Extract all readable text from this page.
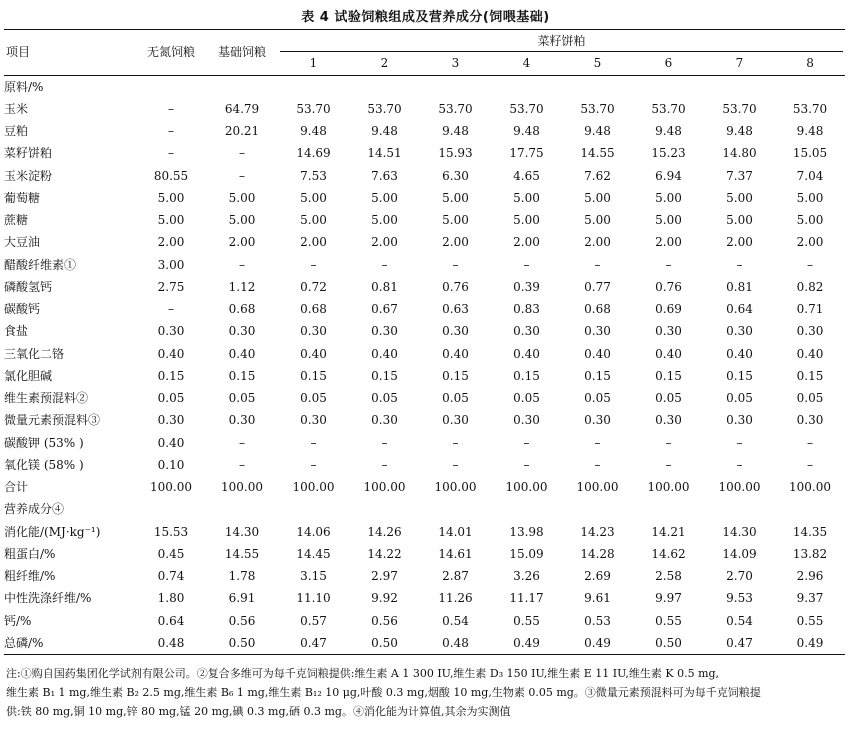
表 4 试验饲粮组成及营养成分(饲喂基础)
项目	无氮饲粮	基础饲粮	菜籽饼粕							

			1	2	3	4	5	6	7	8
原料/%										
玉米	–	64.79	53.70	53.70	53.70	53.70	53.70	53.70	53.70	53.70
豆粕	–	20.21	9.48	9.48	9.48	9.48	9.48	9.48	9.48	9.48
菜籽饼粕	–	–	14.69	14.51	15.93	17.75	14.55	15.23	14.80	15.05
玉米淀粉	80.55	–	7.53	7.63	6.30	4.65	7.62	6.94	7.37	7.04
葡萄糖	5.00	5.00	5.00	5.00	5.00	5.00	5.00	5.00	5.00	5.00
蔗糖	5.00	5.00	5.00	5.00	5.00	5.00	5.00	5.00	5.00	5.00
大豆油	2.00	2.00	2.00	2.00	2.00	2.00	2.00	2.00	2.00	2.00
醋酸纤维素①	3.00	–	–	–	–	–	–	–	–	–
磷酸氢钙	2.75	1.12	0.72	0.81	0.76	0.39	0.77	0.76	0.81	0.82
碳酸钙	–	0.68	0.68	0.67	0.63	0.83	0.68	0.69	0.64	0.71
食盐	0.30	0.30	0.30	0.30	0.30	0.30	0.30	0.30	0.30	0.30
三氧化二铬	0.40	0.40	0.40	0.40	0.40	0.40	0.40	0.40	0.40	0.40
氯化胆碱	0.15	0.15	0.15	0.15	0.15	0.15	0.15	0.15	0.15	0.15
维生素预混料②	0.05	0.05	0.05	0.05	0.05	0.05	0.05	0.05	0.05	0.05
微量元素预混料③	0.30	0.30	0.30	0.30	0.30	0.30	0.30	0.30	0.30	0.30
碳酸钾 (53% )	0.40	–	–	–	–	–	–	–	–	–
氧化镁 (58% )	0.10	–	–	–	–	–	–	–	–	–
合计	100.00	100.00	100.00	100.00	100.00	100.00	100.00	100.00	100.00	100.00
营养成分④										
消化能/(MJ·kg⁻¹)	15.53	14.30	14.06	14.26	14.01	13.98	14.23	14.21	14.30	14.35
粗蛋白/%	0.45	14.55	14.45	14.22	14.61	15.09	14.28	14.62	14.09	13.82
粗纤维/%	0.74	1.78	3.15	2.97	2.87	3.26	2.69	2.58	2.70	2.96
中性洗涤纤维/%	1.80	6.91	11.10	9.92	11.26	11.17	9.61	9.97	9.53	9.37
钙/%	0.64	0.56	0.57	0.56	0.54	0.55	0.53	0.55	0.54	0.55
总磷/%	0.48	0.50	0.47	0.50	0.48	0.49	0.49	0.50	0.47	0.49
注:①购自国药集团化学试剂有限公司。②复合多维可为每千克饲粮提供:维生素 A 1 300 IU,维生素 D₃ 150 IU,维生素 E 11 IU,维生素 K 0.5 mg,
维生素 B₁ 1 mg,维生素 B₂ 2.5 mg,维生素 B₆ 1 mg,维生素 B₁₂ 10 μg,叶酸 0.3 mg,烟酸 10 mg,生物素 0.05 mg。③微量元素预混料可为每千克饲粮提
供:铁 80 mg,铜 10 mg,锌 80 mg,锰 20 mg,碘 0.3 mg,硒 0.3 mg。④消化能为计算值,其余为实测值
